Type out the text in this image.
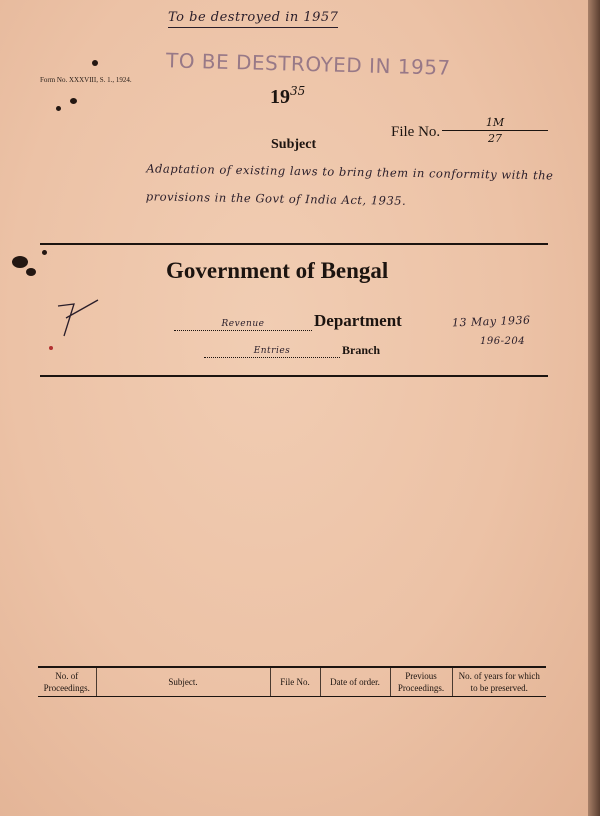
To be destroyed in 1957
TO BE DESTROYED IN 1957
Form No. XXXVIII, S. 1., 1924.
$19^{35}$
Subject
File No. $\frac{1M}{27}$
Adaptation of existing laws to bring them in conformity with the provisions in the Govt of India Act, 1935.
Government of Bengal
Revenue	Department
Entries	Branch
13 May 1936
196-204
No. of Proceedings.	Subject.	File No.	Date of order.	Previous Proceedings.	No. of years for which to be preserved.
